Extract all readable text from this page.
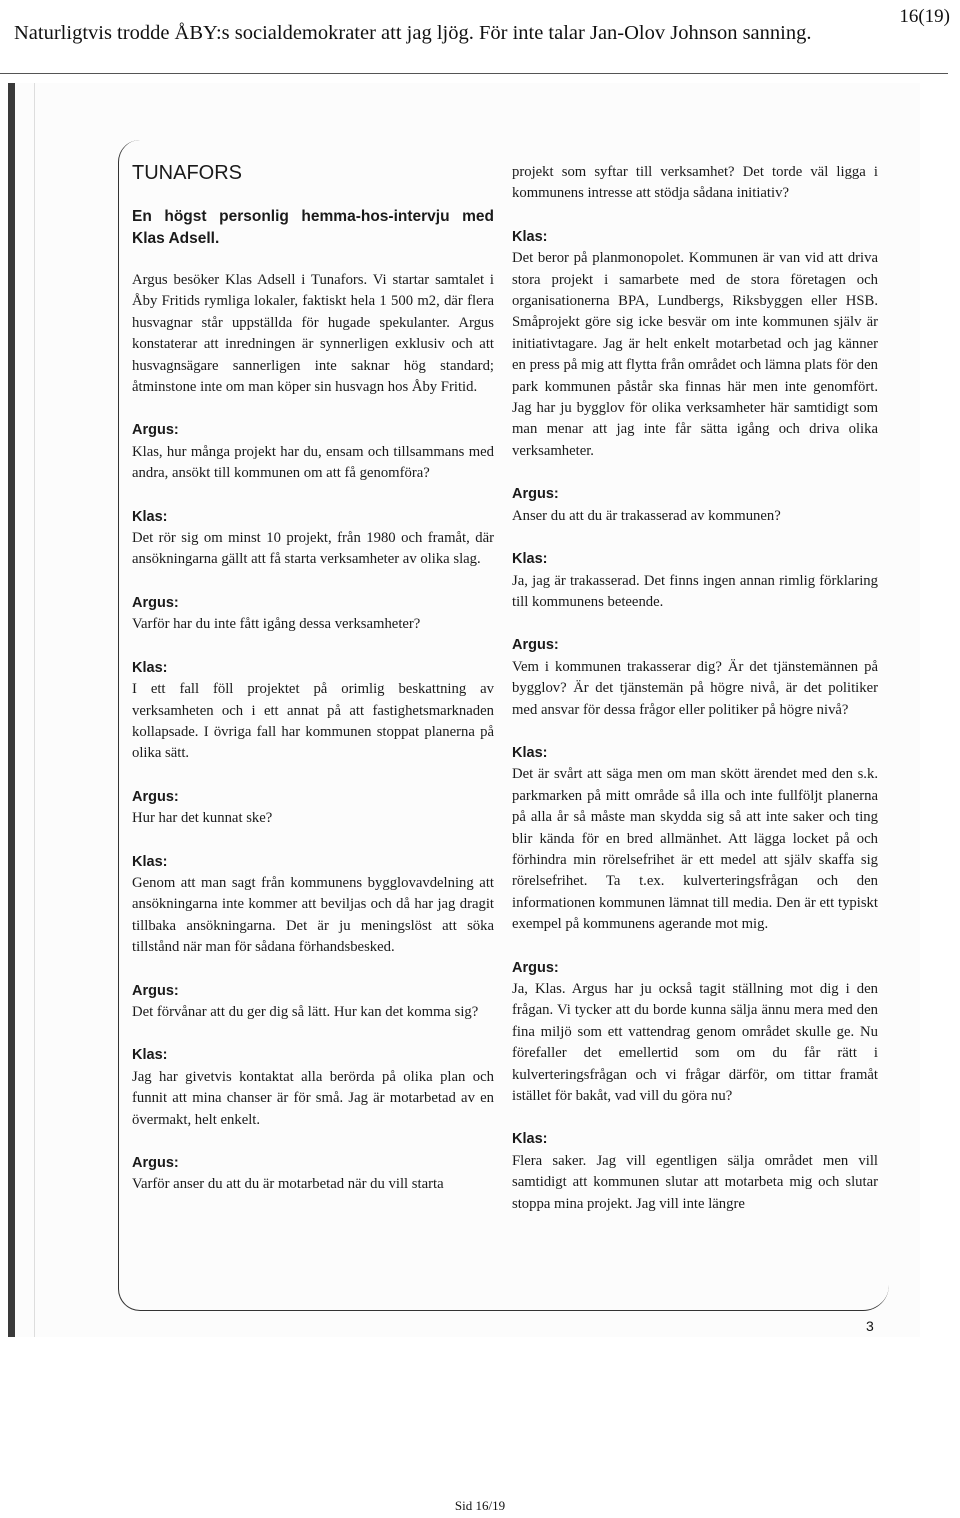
Naturligtvis trodde ÅBY:s socialdemokrater att jag ljög. För inte talar Jan-Olov Johnson sanning.
16(19)
TUNAFORS
En högst personlig hemma-hos-intervju med Klas Adsell.

Argus besöker Klas Adsell i Tunafors. Vi startar samtalet i Åby Fritids rymliga lokaler, faktiskt hela 1 500 m2, där flera husvagnar står uppställda för hugade spekulanter. Argus konstaterar att inredningen är synnerligen exklusiv och att husvagnsägare sannerligen inte saknar hög standard; åtminstone inte om man köper sin husvagn hos Åby Fritid.

Argus:
Klas, hur många projekt har du, ensam och tillsammans med andra, ansökt till kommunen om att få genomföra?

Klas:
Det rör sig om minst 10 projekt, från 1980 och framåt, där ansökningarna gällt att få starta verksamheter av olika slag.

Argus:
Varför har du inte fått igång dessa verksamheter?

Klas:
I ett fall föll projektet på orimlig beskattning av verksamheten och i ett annat på att fastighetsmarknaden kollapsade. I övriga fall har kommunen stoppat planerna på olika sätt.

Argus:
Hur har det kunnat ske?

Klas:
Genom att man sagt från kommunens bygglovavdelning att ansökningarna inte kommer att beviljas och då har jag dragit tillbaka ansökningarna. Det är ju meningslöst att söka tillstånd när man för sådana förhandsbesked.

Argus:
Det förvånar att du ger dig så lätt. Hur kan det komma sig?

Klas:
Jag har givetvis kontaktat alla berörda på olika plan och funnit att mina chanser är för små. Jag är motarbetad av en övermakt, helt enkelt.

Argus:
Varför anser du att du är motarbetad när du vill starta

projekt som syftar till verksamhet? Det torde väl ligga i kommunens intresse att stödja sådana initiativ?

Klas:
Det beror på planmonopolet. Kommunen är van vid att driva stora projekt i samarbete med de stora företagen och organisationerna BPA, Lundbergs, Riksbyggen eller HSB. Småprojekt göre sig icke besvär om inte kommunen själv är initiativtagare. Jag är helt enkelt motarbetad och jag känner en press på mig att flytta från området och lämna plats för den park kommunen påstår ska finnas här men inte genomfört. Jag har ju bygglov för olika verksamheter här samtidigt som man menar att jag inte får sätta igång och driva olika verksamheter.

Argus:
Anser du att du är trakasserad av kommunen?

Klas:
Ja, jag är trakasserad. Det finns ingen annan rimlig förklaring till kommunens beteende.

Argus:
Vem i kommunen trakasserar dig? Är det tjänstemännen på bygglov? Är det tjänstemän på högre nivå, är det politiker med ansvar för dessa frågor eller politiker på högre nivå?

Klas:
Det är svårt att säga men om man skött ärendet med den s.k. parkmarken på mitt område så illa och inte fullföljt planerna på alla år så måste man skydda sig så att inte saker och ting blir kända för en bred allmänhet. Att lägga locket på och förhindra min rörelsefrihet är ett medel att själv skaffa sig rörelsefrihet. Ta t.ex. kulverteringsfrågan och den informationen kommunen lämnat till media. Den är ett typiskt exempel på kommunens agerande mot mig.

Argus:
Ja, Klas. Argus har ju också tagit ställning mot dig i den frågan. Vi tycker att du borde kunna sälja ännu mera med den fina miljö som ett vattendrag genom området skulle ge. Nu förefaller det emellertid som om du får rätt i kulverteringsfrågan och vi frågar därför, om tittar framåt istället för bakåt, vad vill du göra nu?

Klas:
Flera saker. Jag vill egentligen sälja området men vill samtidigt att kommunen slutar att motarbeta mig och slutar stoppa mina projekt. Jag vill inte längre

3
Sid 16/19
